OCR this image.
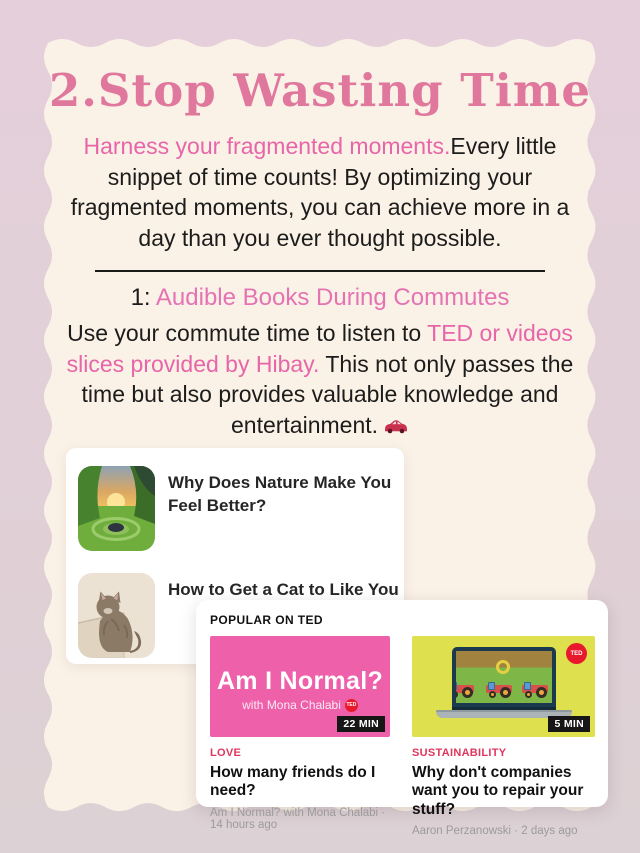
2.Stop Wasting Time
Harness your fragmented moments.Every little snippet of time counts! By optimizing your fragmented moments, you can achieve more in a day than you ever thought possible.
1: Audible Books During Commutes
Use your commute time to listen to TED or videos slices provided by Hibay. This not only passes the time but also provides valuable knowledge and entertainment.
Why Does Nature Make You Feel Better?
How to Get a Cat to Like You
POPULAR ON TED
Am I Normal?
with Mona Chalabi	TED
22 MIN
LOVE
How many friends do I need?
Am I Normal? with Mona Chalabi · 14 hours ago
TED
5 MIN
SUSTAINABILITY
Why don't companies want you to repair your stuff?
Aaron Perzanowski · 2 days ago
